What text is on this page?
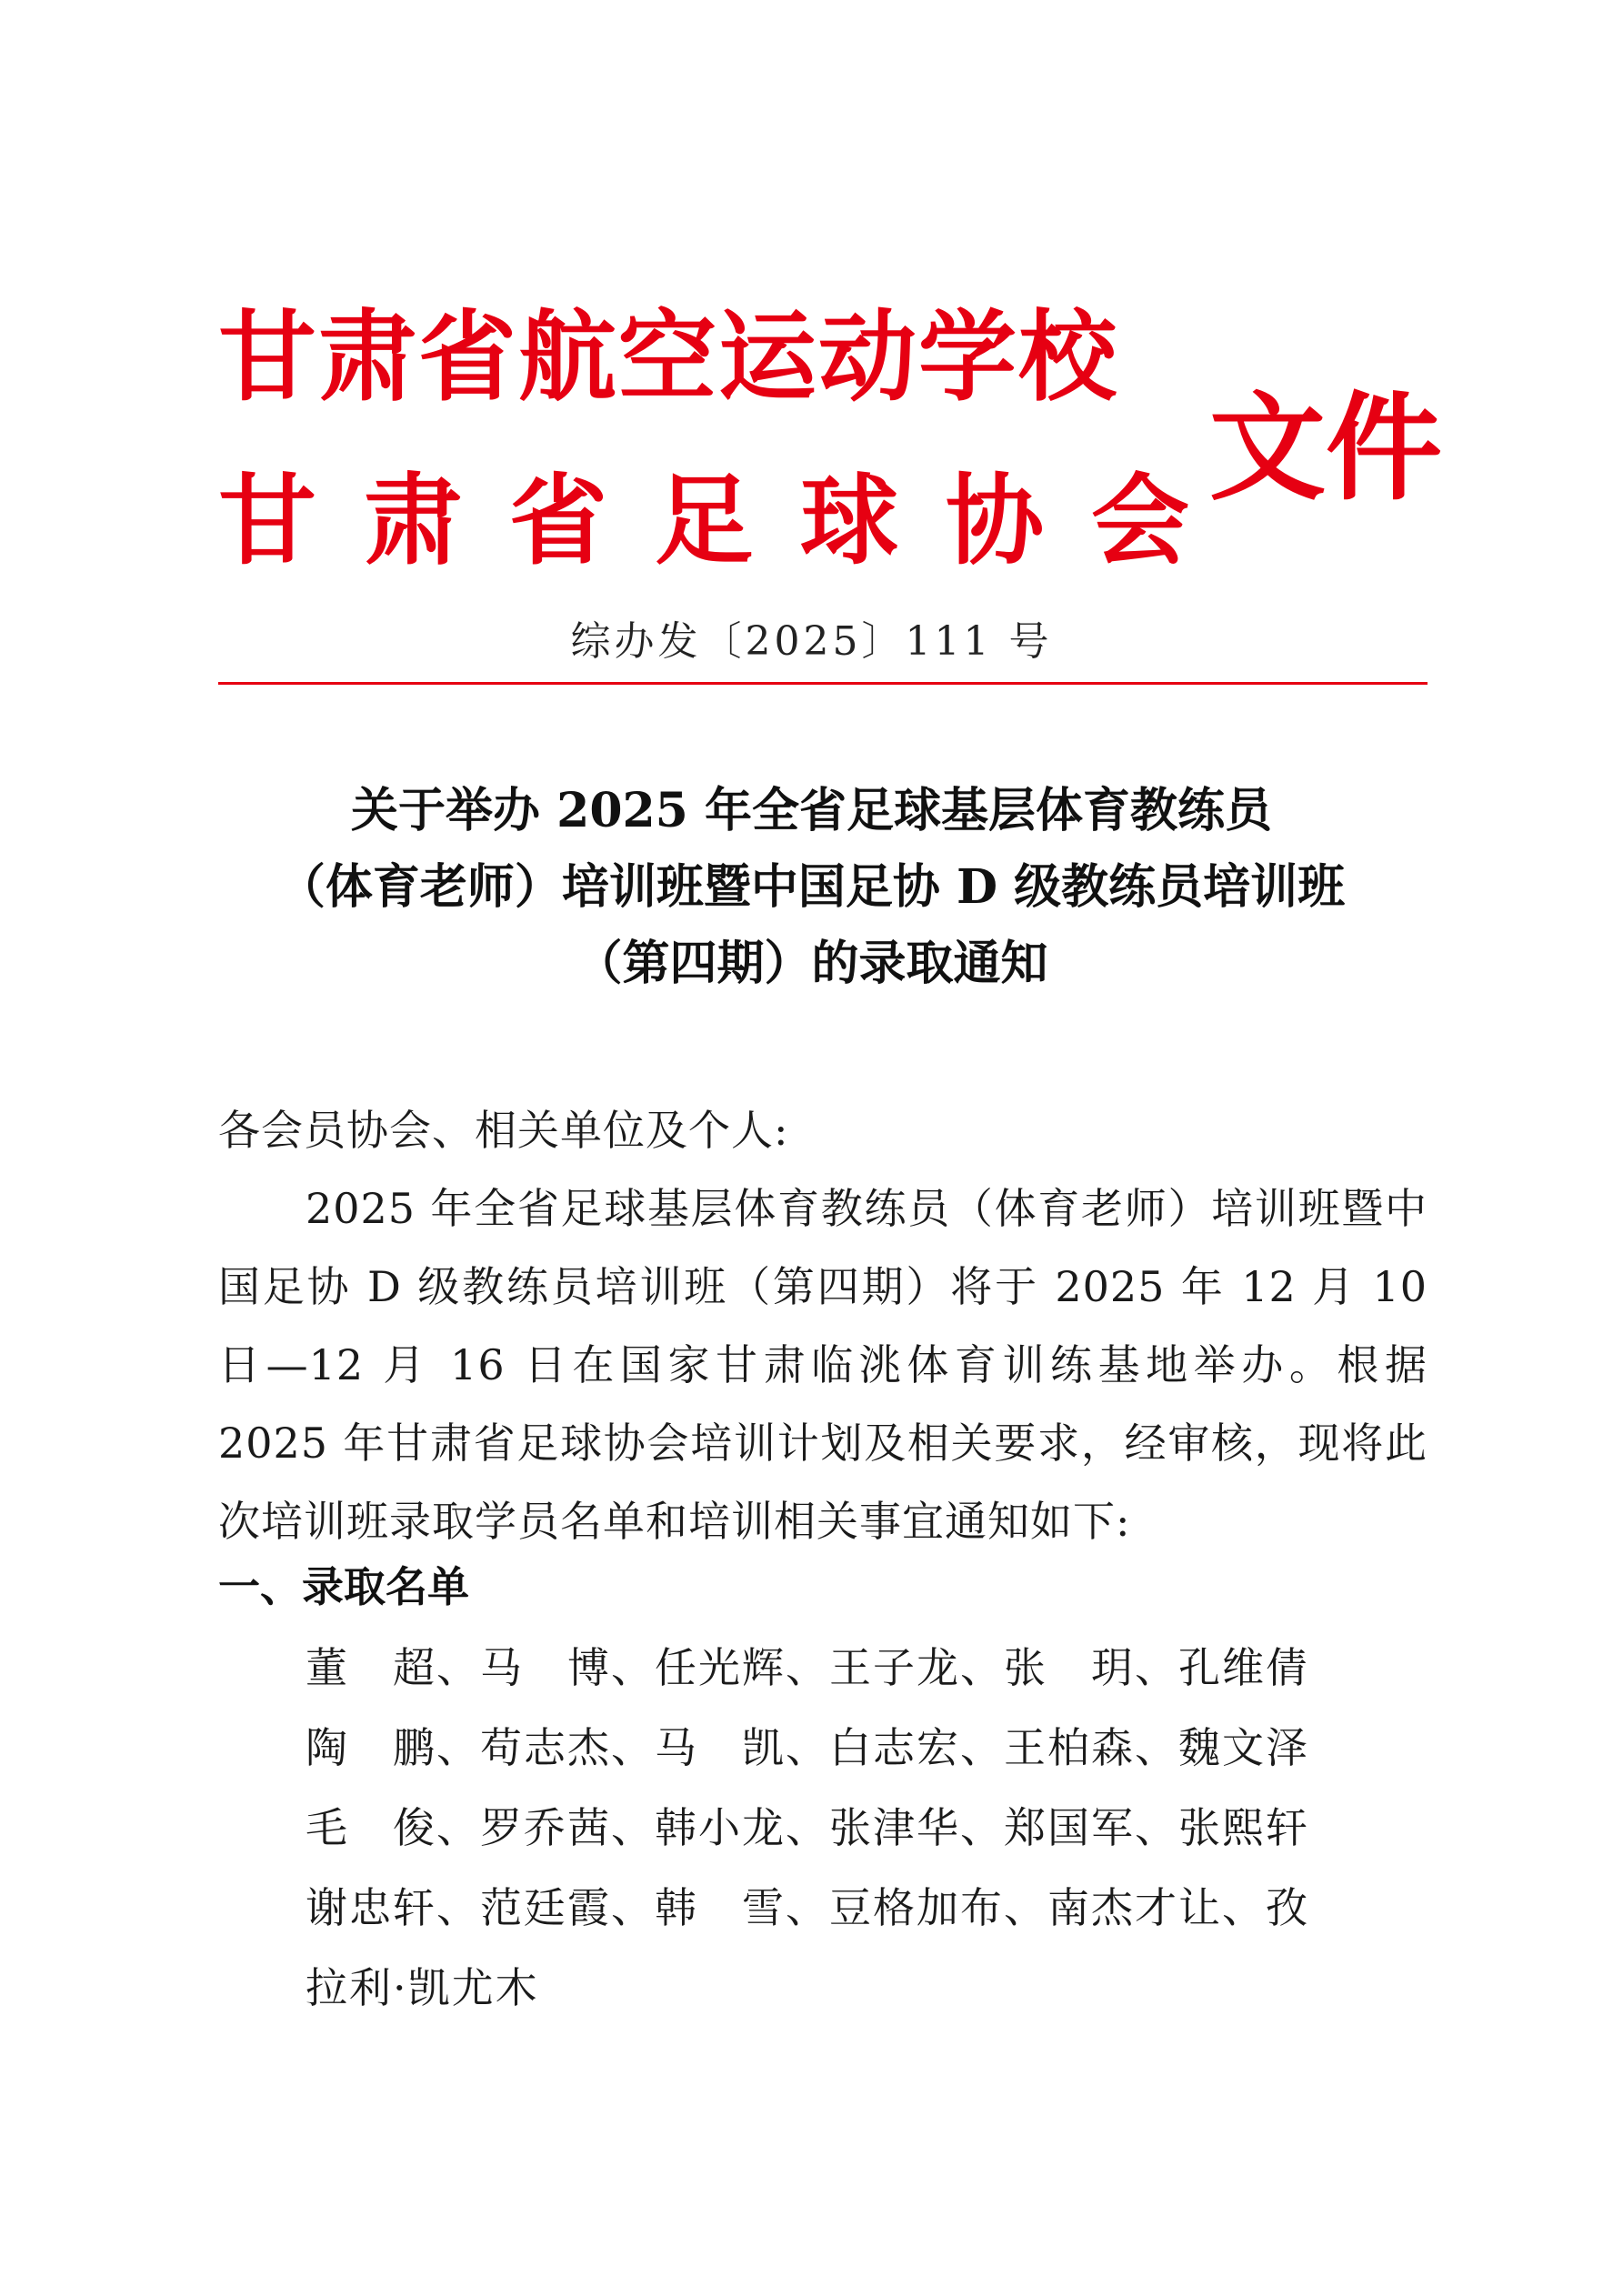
甘肃省航空运动学校
甘肃省足球协会
文件
综办发〔2025〕111 号
关于举办 2025 年全省足球基层体育教练员
（体育老师）培训班暨中国足协 D 级教练员培训班
（第四期）的录取通知
各会员协会、相关单位及个人:
2025 年全省足球基层体育教练员（体育老师）培训班暨中国足协 D 级教练员培训班（第四期）将于 2025 年 12 月 10 日—12 月 16 日在国家甘肃临洮体育训练基地举办。根据 2025 年甘肃省足球协会培训计划及相关要求，经审核，现将此次培训班录取学员名单和培训相关事宜通知如下:
一、录取名单
董　超、马　博、任光辉、王子龙、张　玥、孔维倩
陶　鹏、苟志杰、马　凯、白志宏、王柏森、魏文泽
毛　俊、罗乔茜、韩小龙、张津华、郑国军、张熙轩
谢忠轩、范廷霞、韩　雪、豆格加布、南杰才让、孜
拉利·凯尤木
